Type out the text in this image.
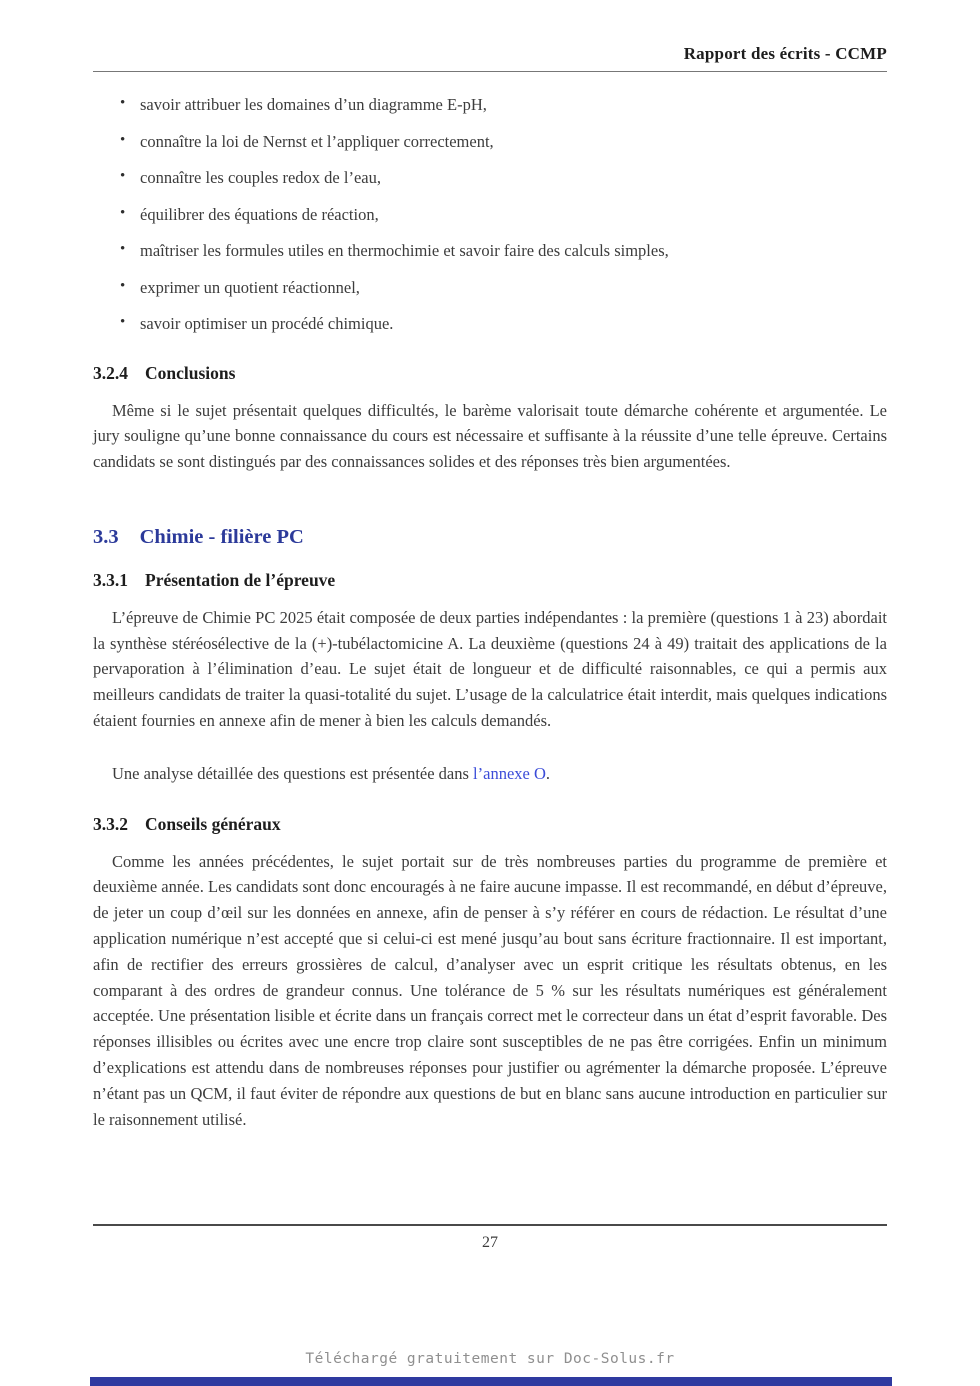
Rapport des écrits - CCMP
• savoir attribuer les domaines d’un diagramme E-pH,
• connaître la loi de Nernst et l’appliquer correctement,
• connaître les couples redox de l’eau,
• équilibrer des équations de réaction,
• maîtriser les formules utiles en thermochimie et savoir faire des calculs simples,
• exprimer un quotient réactionnel,
• savoir optimiser un procédé chimique.
3.2.4 Conclusions

Même si le sujet présentait quelques difficultés, le barème valorisait toute démarche cohérente et argumentée. Le jury souligne qu’une bonne connaissance du cours est nécessaire et suffisante à la réussite d’une telle épreuve. Certains candidats se sont distingués par des connaissances solides et des réponses très bien argumentées.

3.3 Chimie - filière PC
3.3.1 Présentation de l’épreuve

L’épreuve de Chimie PC 2025 était composée de deux parties indépendantes : la première (questions 1 à 23) abordait la synthèse stéréosélective de la (+)-tubélactomicine A. La deuxième (questions 24 à 49) traitait des applications de la pervaporation à l’élimination d’eau. Le sujet était de longueur et de difficulté raisonnables, ce qui a permis aux meilleurs candidats de traiter la quasi-totalité du sujet. L’usage de la calculatrice était interdit, mais quelques indications étaient fournies en annexe afin de mener à bien les calculs demandés.

Une analyse détaillée des questions est présentée dans l’annexe O.

3.3.2 Conseils généraux

Comme les années précédentes, le sujet portait sur de très nombreuses parties du programme de première et deuxième année. Les candidats sont donc encouragés à ne faire aucune impasse. Il est recommandé, en début d’épreuve, de jeter un coup d’œil sur les données en annexe, afin de penser à s’y référer en cours de rédaction. Le résultat d’une application numérique n’est accepté que si celui-ci est mené jusqu’au bout sans écriture fractionnaire. Il est important, afin de rectifier des erreurs grossières de calcul, d’analyser avec un esprit critique les résultats obtenus, en les comparant à des ordres de grandeur connus. Une tolérance de 5 % sur les résultats numériques est généralement acceptée. Une présentation lisible et écrite dans un français correct met le correcteur dans un état d’esprit favorable. Des réponses illisibles ou écrites avec une encre trop claire sont susceptibles de ne pas être corrigées. Enfin un minimum d’explications est attendu dans de nombreuses réponses pour justifier ou agrémenter la démarche proposée. L’épreuve n’étant pas un QCM, il faut éviter de répondre aux questions de but en blanc sans aucune introduction en particulier sur le raisonnement utilisé.

27
Téléchargé gratuitement sur Doc-Solus.fr
